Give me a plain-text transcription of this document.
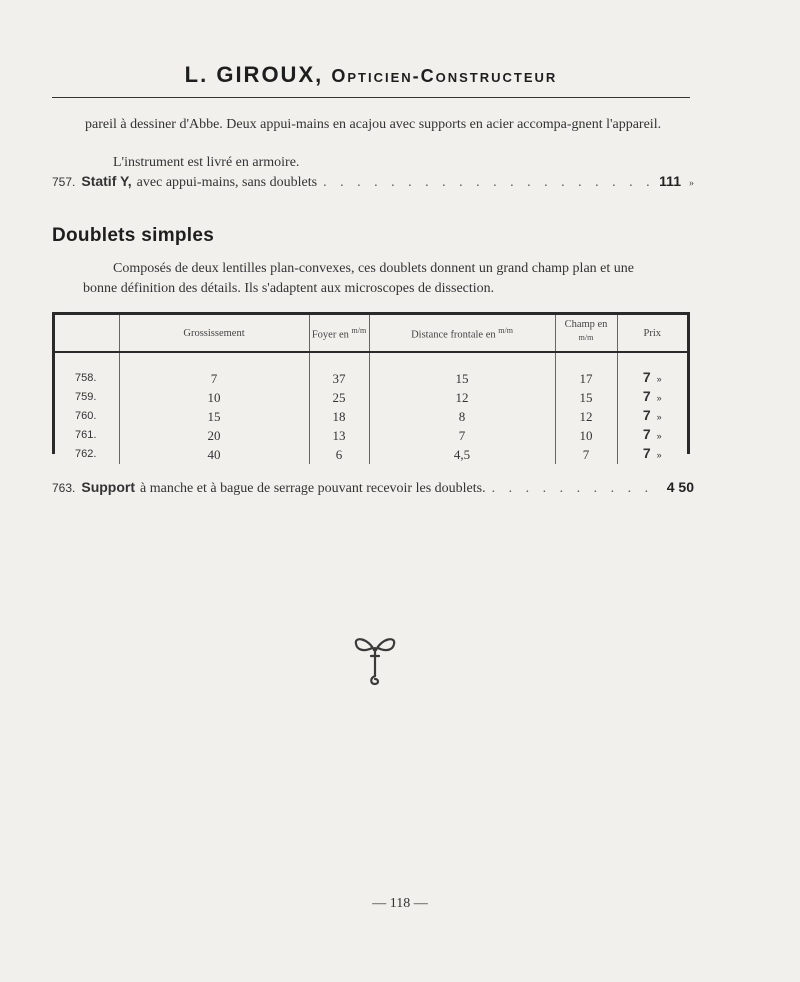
L. GIROUX, Opticien-Constructeur
pareil à dessiner d'Abbe. Deux appui-mains en acajou avec supports en acier accompa-gnent l'appareil.
L'instrument est livré en armoire.
757. Statif Y, avec appui-mains, sans doublets . . .	111 »
Doublets simples
Composés de deux lentilles plan-convexes, ces doublets donnent un grand champ plan et une bonne définition des détails. Ils s'adaptent aux microscopes de dissection.
	Grossissement	Foyer en $^{m/m}$	Distance frontale en $^{m/m}$	Champ en $^{m/m}$	Prix

758.	7	37	15	17	7 »
759.	10	25	12	15	7 »
760.	15	18	8	12	7 »
761.	20	13	7	10	7 »
762.	40	6	4,5	7	7 »
763. Support à manche et à bague de serrage pouvant recevoir les doublets. . . .	4 50
— 118 —
